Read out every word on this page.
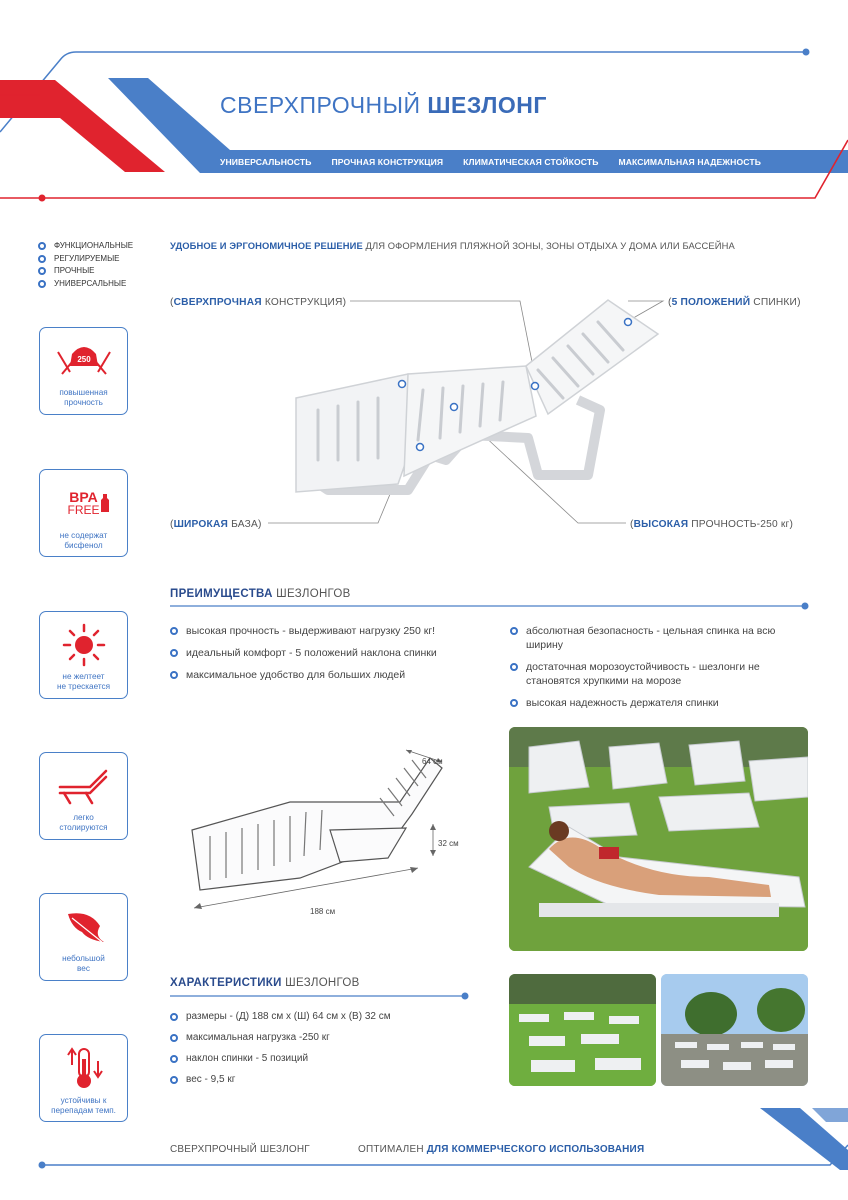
СВЕРХПРОЧНЫЙ ШЕЗЛОНГ
УНИВЕРСАЛЬНОСТЬ ПРОЧНАЯ КОНСТРУКЦИЯ КЛИМАТИЧЕСКАЯ СТОЙКОСТЬ МАКСИМАЛЬНАЯ НАДЕЖНОСТЬ
ФУНКЦИОНАЛЬНЫЕ
РЕГУЛИРУЕМЫЕ
ПРОЧНЫЕ
УНИВЕРСАЛЬНЫЕ
250
повышенная
прочность
BPA
FREE
не содержат
бисфенол
не желтеет
не трескается
легко
столируются
небольшой
вес
устойчивы к
перепадам темп.
УДОБНОЕ И ЭРГОНОМИЧНОЕ РЕШЕНИЕ ДЛЯ ОФОРМЛЕНИЯ ПЛЯЖНОЙ ЗОНЫ, ЗОНЫ ОТДЫХА У ДОМА ИЛИ БАССЕЙНА
(СВЕРХПРОЧНАЯ КОНСТРУКЦИЯ)	(5 ПОЛОЖЕНИЙ СПИНКИ)
(ШИРОКАЯ БАЗА)	(ВЫСОКАЯ ПРОЧНОСТЬ-250 кг)
ПРЕИМУЩЕСТВА ШЕЗЛОНГОВ

высокая прочность - выдерживают нагрузку 250 кг!

идеальный комфорт - 5 положений наклона спинки

максимальное удобство для больших людей

абсолютная безопасность - цельная спинка на всю ширину

достаточная морозоустойчивость - шезлонги не становятся хрупкими на морозе

высокая надежность держателя спинки

64 см
32 см
188 см
ХАРАКТЕРИСТИКИ ШЕЗЛОНГОВ

размеры - (Д) 188 см х (Ш) 64 см х (В) 32 см

максимальная нагрузка -250 кг

наклон спинки - 5 позиций

вес - 9,5 кг

СВЕРХПРОЧНЫЙ ШЕЗЛОНГ	ОПТИМАЛЕН ДЛЯ КОММЕРЧЕСКОГО ИСПОЛЬЗОВАНИЯ
